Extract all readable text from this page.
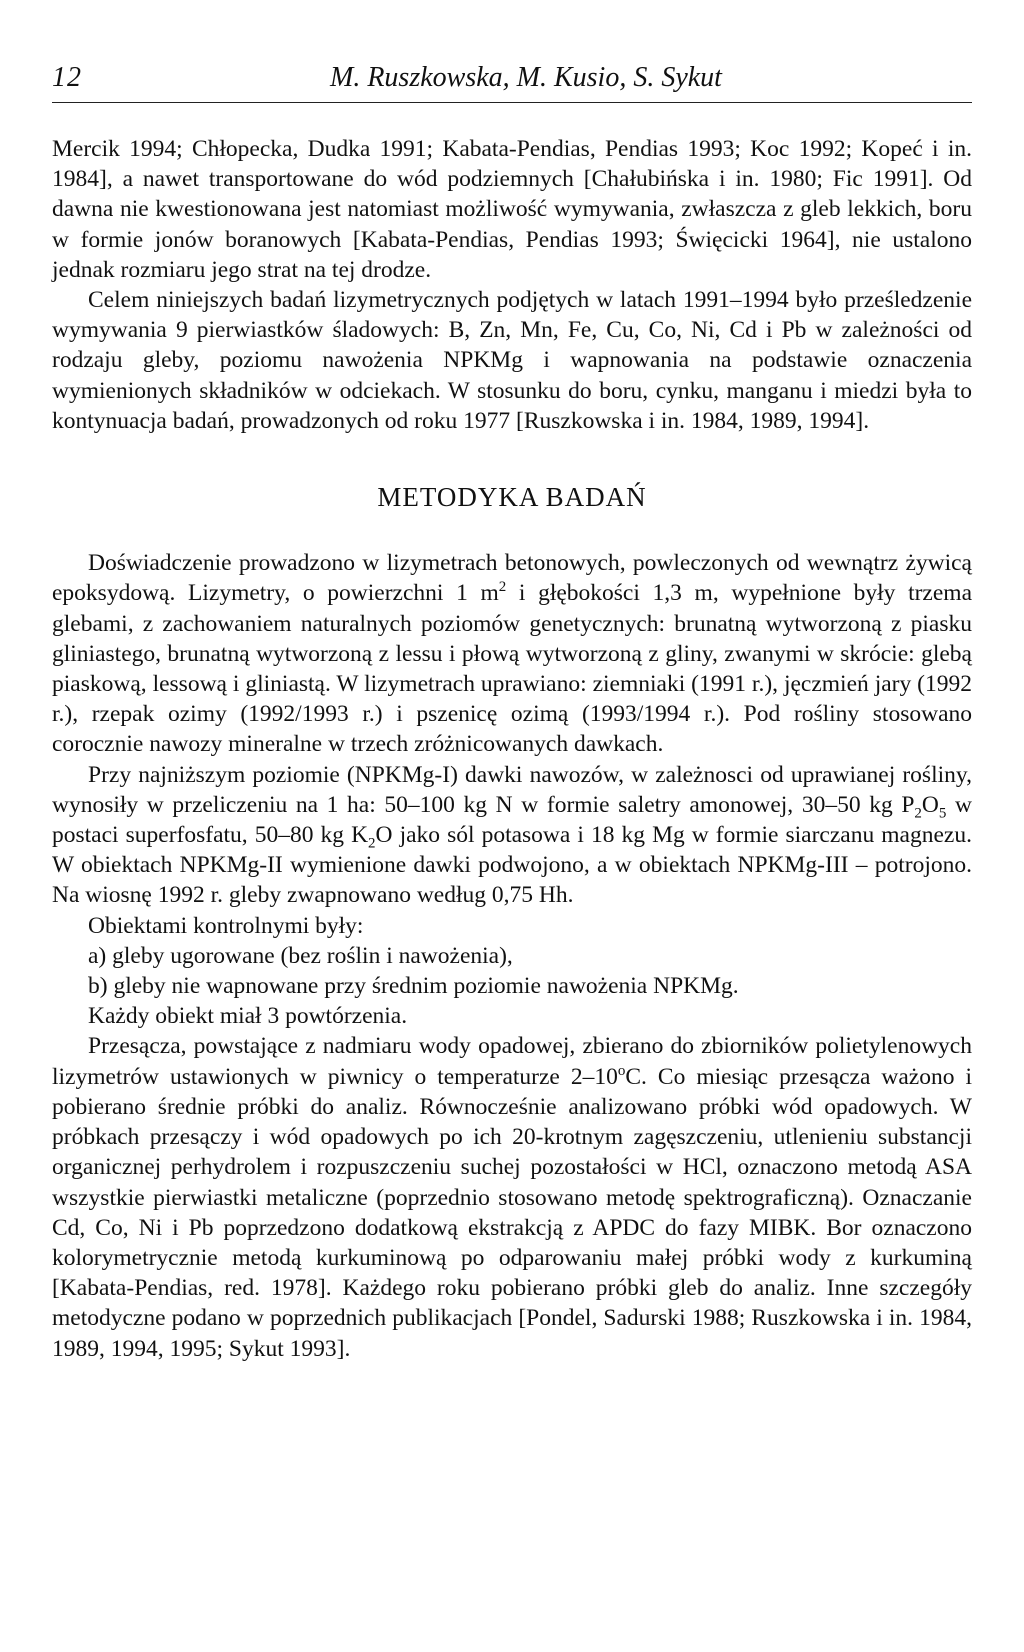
12	M. Ruszkowska, M. Kusio, S. Sykut

Mercik 1994; Chłopecka, Dudka 1991; Kabata-Pendias, Pendias 1993; Koc 1992; Kopeć i in. 1984], a nawet transportowane do wód podziemnych [Chałubińska i in. 1980; Fic 1991]. Od dawna nie kwestionowana jest natomiast możliwość wymywania, zwłaszcza z gleb lekkich, boru w formie jonów boranowych [Kabata-Pendias, Pendias 1993; Święcicki 1964], nie ustalono jednak rozmiaru jego strat na tej drodze.

Celem niniejszych badań lizymetrycznych podjętych w latach 1991–1994 było prześledzenie wymywania 9 pierwiastków śladowych: B, Zn, Mn, Fe, Cu, Co, Ni, Cd i Pb w zależności od rodzaju gleby, poziomu nawożenia NPKMg i wapnowania na podstawie oznaczenia wymienionych składników w odciekach. W stosunku do boru, cynku, manganu i miedzi była to kontynuacja badań, prowadzonych od roku 1977 [Ruszkowska i in. 1984, 1989, 1994].

METODYKA BADAŃ

Doświadczenie prowadzono w lizymetrach betonowych, powleczonych od wewnątrz żywicą epoksydową. Lizymetry, o powierzchni 1 $m^2$ i głębokości 1,3 m, wypełnione były trzema glebami, z zachowaniem naturalnych poziomów genetycznych: brunatną wytworzoną z piasku gliniastego, brunatną wytworzoną z lessu i płową wytworzoną z gliny, zwanymi w skrócie: glebą piaskową, lessową i gliniastą. W lizymetrach uprawiano: ziemniaki (1991 r.), jęczmień jary (1992 r.), rzepak ozimy (1992/1993 r.) i pszenicę ozimą (1993/1994 r.). Pod rośliny stosowano corocznie nawozy mineralne w trzech zróżnicowanych dawkach.

Przy najniższym poziomie (NPKMg-I) dawki nawozów, w zależnosci od uprawianej rośliny, wynosiły w przeliczeniu na 1 ha: 50–100 kg N w formie saletry amonowej, 30–50 kg $P_2O_5$ w postaci superfosfatu, 50–80 kg $K_2O$ jako sól potasowa i 18 kg Mg w formie siarczanu magnezu. W obiektach NPKMg-II wymienione dawki podwojono, a w obiektach NPKMg-III – potrojono. Na wiosnę 1992 r. gleby zwapnowano według 0,75 Hh.

Obiektami kontrolnymi były:

a) gleby ugorowane (bez roślin i nawożenia),

b) gleby nie wapnowane przy średnim poziomie nawożenia NPKMg.

Każdy obiekt miał 3 powtórzenia.

Przesącza, powstające z nadmiaru wody opadowej, zbierano do zbiorników polietylenowych lizymetrów ustawionych w piwnicy o temperaturze 2–10$^o$C. Co miesiąc przesącza ważono i pobierano średnie próbki do analiz. Równocześnie analizowano próbki wód opadowych. W próbkach przesączy i wód opadowych po ich 20-krotnym zagęszczeniu, utlenieniu substancji organicznej perhydrolem i rozpuszczeniu suchej pozostałości w HCl, oznaczono metodą ASA wszystkie pierwiastki metaliczne (poprzednio stosowano metodę spektrograficzną). Oznaczanie Cd, Co, Ni i Pb poprzedzono dodatkową ekstrakcją z APDC do fazy MIBK. Bor oznaczono kolorymetrycznie metodą kurkuminową po odparowaniu małej próbki wody z kurkuminą [Kabata-Pendias, red. 1978]. Każdego roku pobierano próbki gleb do analiz. Inne szczegóły metodyczne podano w poprzednich publikacjach [Pondel, Sadurski 1988; Ruszkowska i in. 1984, 1989, 1994, 1995; Sykut 1993].
